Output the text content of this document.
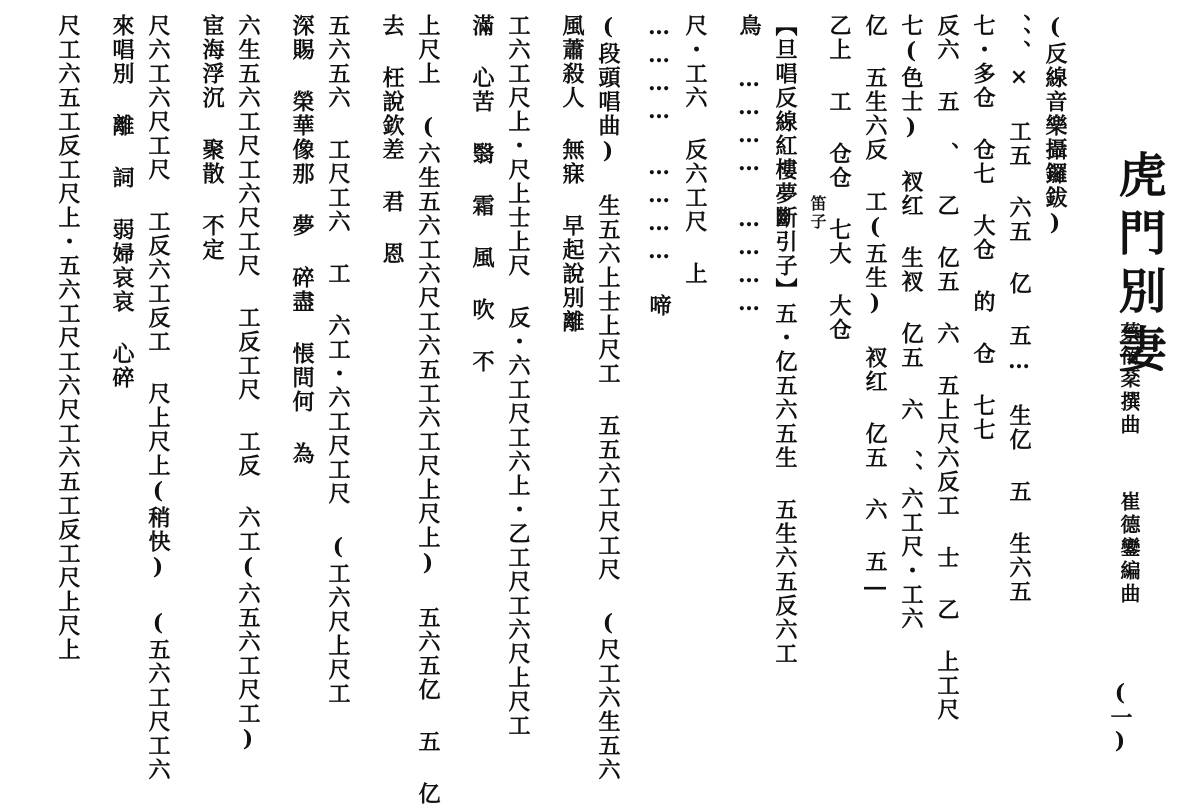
虎門別妻
蔡衍棻撰曲  崔德鑾編曲
(一)
(反線音樂攝鑼鈸)
、、、× 工五 六五 亿 五… 生亿 五 生六五
七・多仓 仓七 大仓 的 仓 七七
反六 五 、 乙 亿五 六 五上尺六反工 士 乙 上工尺
七(色士) 衩红 生衩 亿五 六 、、六工尺・工六
亿 五生六反 工(五生) 衩红 亿五 六 五―
乙上 工 仓仓 七大 大仓
笛子
【旦唱反線紅樓夢斷引子】五・亿五六五生 五生六五反六工
鳥 ………… …………
尺・工六 反六工尺 上
………… ………… 啼
(段頭唱曲) 生五六上士上尺工 五五六工尺工尺 (尺工六生五六
風蕭殺人 無寐 早起說別離
工六工尺上・尺上士上尺 反・六工尺工六上・乙工尺工六尺上尺工
滿 心苦 翳 霜 風 吹 不
上尺上 (六生五六工六尺工六五工六工尺上尺上) 五六五亿 五 亿
去 枉說欽差 君 恩
五六五六 工尺工六 工 六工・六工尺工尺 (工六尺上尺工
深賜 榮華像那 夢 碎盡 悵問何 為
六生五六工尺工六尺工尺 工反工尺 工反 六工(六五六工尺工)
宦海浮沉 聚散 不定
尺六工六尺工尺 工反六工反工 尺上尺上(稍快) (五六工尺工六
來唱別 離 詞 弱婦哀哀 心碎
尺工六五工反工尺上・五六工尺工六尺工六五工反工尺上尺上
